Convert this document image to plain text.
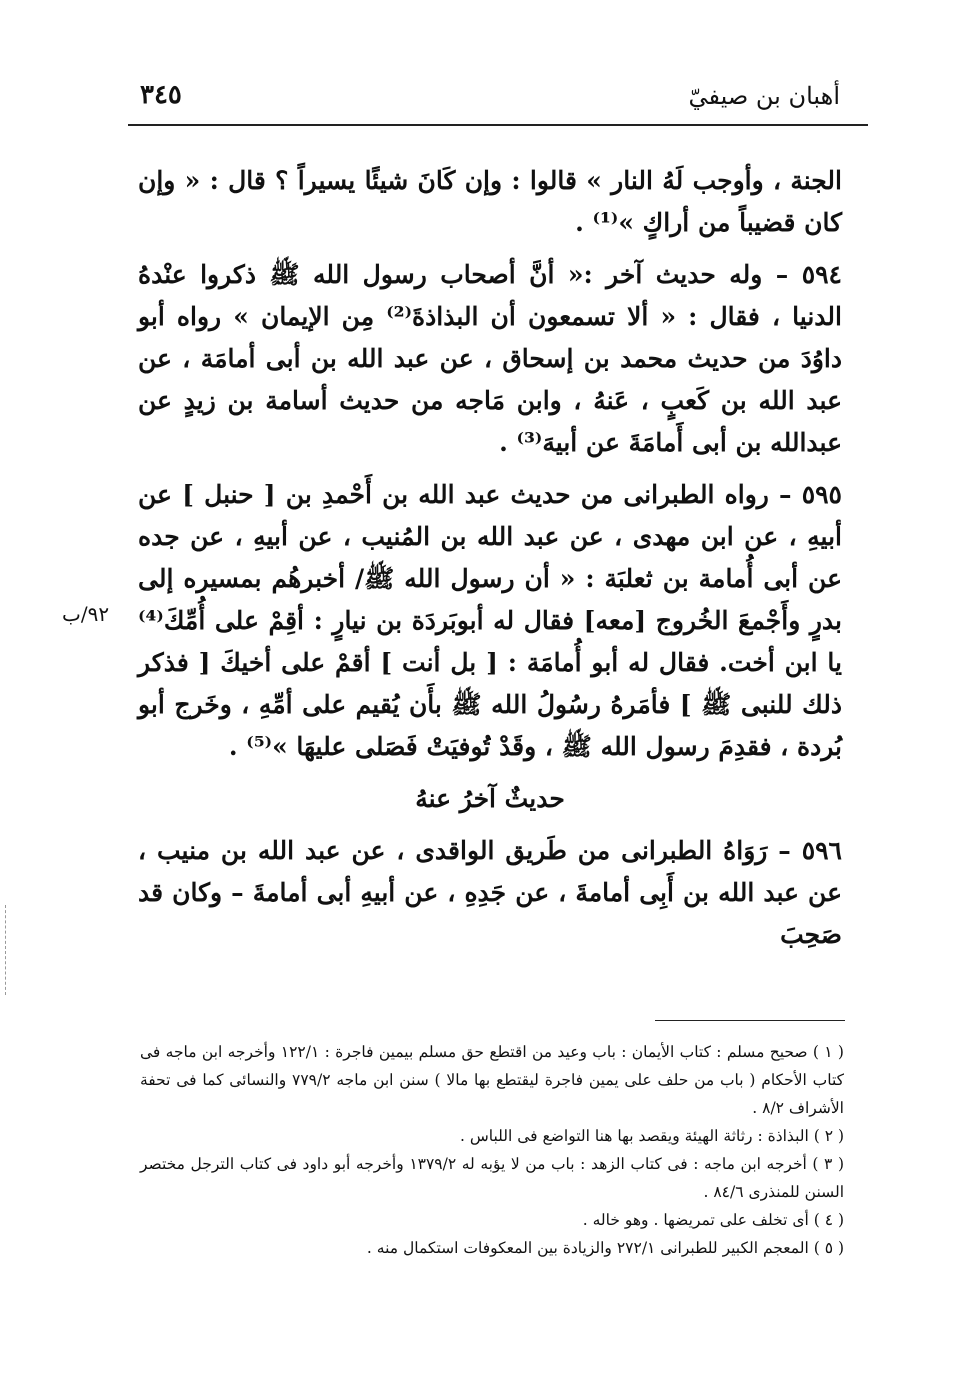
أهبان بن صيفيّ
٣٤٥
٩٢/ب

الجنة ، وأوجب لَهُ النار » قالوا : وإن كَانَ شيئًا يسيراً ؟ قال : « وإن كان قضيباً من أراكٍ »⁽¹⁾ .

٥٩٤ – وله حديث آخر :« أنَّ أصحاب رسول الله ﷺ ذكروا عنْدهُ الدنيا ، فقال : « ألا تسمعون أن البذاذةَ⁽²⁾ مِن الإيمان » رواه أبو داوُدَ من حديث محمد بن إسحاق ، عن عبد الله بن أبى أمامَة ، عن عبد الله بن كَعبٍ ، عَنهُ ، وابن مَاجه من حديث أسامة بن زيدٍ عن عبدالله بن أبى أَمامَةَ عن أبيهَ⁽³⁾ .

٥٩٥ – رواه الطبرانى من حديث عبد الله بن أَحْمدِ بن [ حنبل ] عن أبيهِ ، عن ابن مهدى ، عن عبد الله بن المُنيب ، عن أبيهِ ، عن جده عن أبى أُمامة بن ثعلبَة : « أن رسول الله ﷺ/ أخبرهُم بمسيره إلى بدرٍ وأَجْمعَ الخُروج [معه] فقال له أبوبَردَة بن نيارٍ : أقِمْ على أُمِّكَ⁽⁴⁾ يا ابن أخت. فقال له أبو أُمامَة : [ بل أنت ] أقمْ على أخيكَ [ فذكر ذلك للنبى ﷺ ] فأمَرهُ رسُولُ الله ﷺ بأَن يُقيم على أمِّهِ ، وخَرج أبو بُردة ، فقدِمَ رسول الله ﷺ ، وقَدْ تُوفيَتْ فَصَلى عليهَا »⁽⁵⁾ .

حديثٌ آخرُ عنهُ

٥٩٦ – رَوَاهُ الطبرانى من طَريق الواقدى ، عن عبد الله بن منيب ، عن عبد الله بن أَبِى أمامةَ ، عن جَدِهِ ، عن أبيهِ أبى أمامةَ – وكان قد صَحِبَ

( ١ ) صحيح مسلم : كتاب الأيمان : باب وعيد من اقتطع حق مسلم بيمين فاجرة : ١٢٢/١ وأخرجه ابن ماجه فى كتاب الأحكام ( باب من حلف على يمين فاجرة ليقتطع بها مالا ) سنن ابن ماجه ٧٧٩/٢ والنسائى كما فى تحفة الأشراف ٨/٢ .

( ٢ ) البذاذة : رثاثة الهيئة ويقصد بها هنا التواضع فى اللباس .

( ٣ ) أخرجه ابن ماجه : فى كتاب الزهد : باب من لا يؤبه له ١٣٧٩/٢ وأخرجه أبو داود فى كتاب الترجل مختصر السنن للمنذرى ٨٤/٦ .

( ٤ ) أى تخلف على تمريضها . وهو خاله .

( ٥ ) المعجم الكبير للطبرانى ٢٧٢/١ والزيادة بين المعكوفات استكمال منه .
